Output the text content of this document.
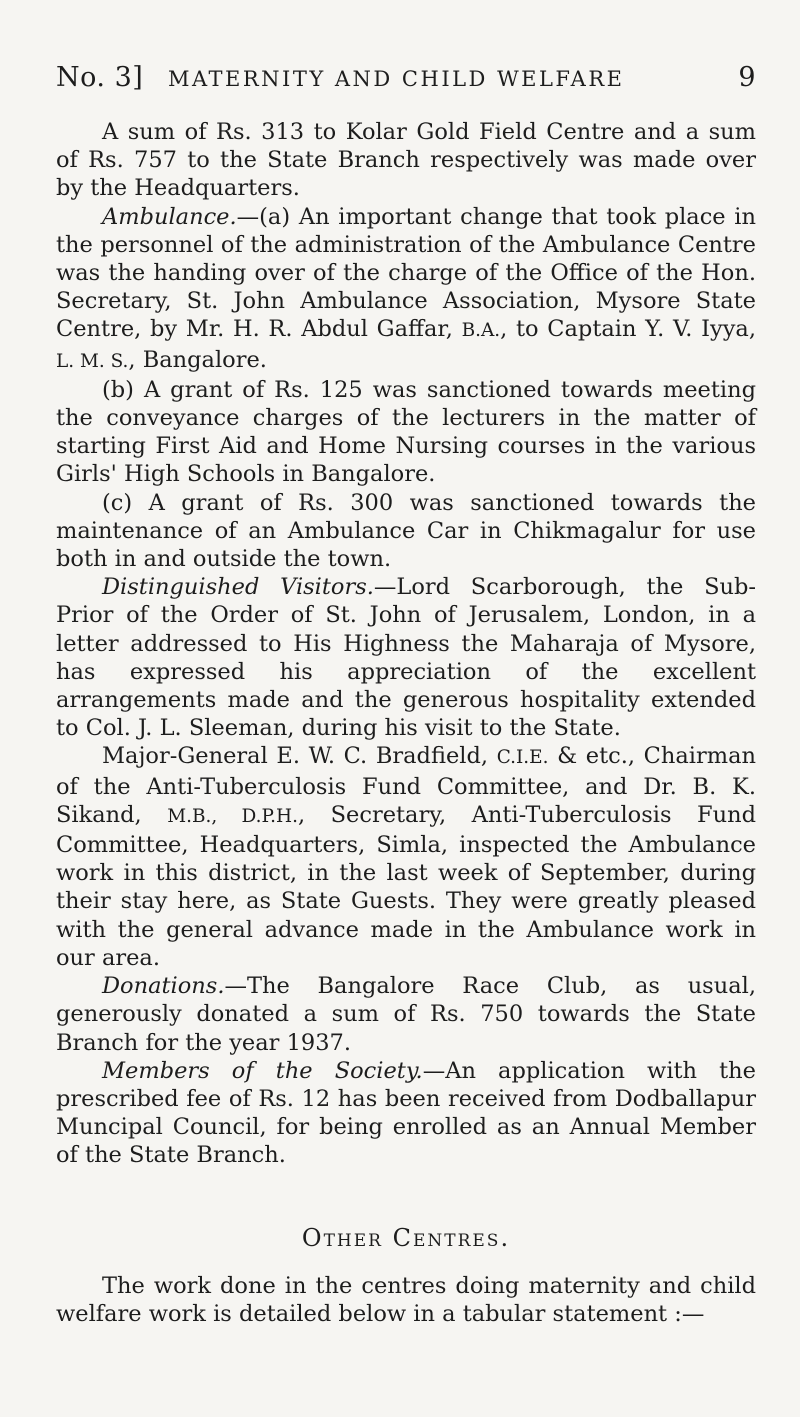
No. 3] MATERNITY AND CHILD WELFARE	9

A sum of Rs. 313 to Kolar Gold Field Centre and a sum of Rs. 757 to the State Branch respectively was made over by the Headquarters.

Ambulance.—(a) An important change that took place in the personnel of the administration of the Ambulance Centre was the handing over of the charge of the Office of the Hon. Secretary, St. John Ambulance Association, Mysore State Centre, by Mr. H. R. Abdul Gaffar, B.A., to Captain Y. V. Iyya, L. M. S., Bangalore.

(b) A grant of Rs. 125 was sanctioned towards meeting the conveyance charges of the lecturers in the matter of starting First Aid and Home Nursing courses in the various Girls' High Schools in Bangalore.

(c) A grant of Rs. 300 was sanctioned towards the maintenance of an Ambulance Car in Chikmagalur for use both in and outside the town.

Distinguished Visitors.—Lord Scarborough, the Sub-Prior of the Order of St. John of Jerusalem, London, in a letter addressed to His Highness the Maharaja of Mysore, has expressed his appreciation of the excellent arrangements made and the generous hospitality extended to Col. J. L. Sleeman, during his visit to the State.

Major-General E. W. C. Bradfield, C.I.E. & etc., Chairman of the Anti-Tuberculosis Fund Committee, and Dr. B. K. Sikand, M.B., D.P.H., Secretary, Anti-Tuberculosis Fund Committee, Headquarters, Simla, inspected the Ambulance work in this district, in the last week of September, during their stay here, as State Guests. They were greatly pleased with the general advance made in the Ambulance work in our area.

Donations.—The Bangalore Race Club, as usual, generously donated a sum of Rs. 750 towards the State Branch for the year 1937.

Members of the Society.—An application with the prescribed fee of Rs. 12 has been received from Dodballapur Muncipal Council, for being enrolled as an Annual Member of the State Branch.

Other Centres.

The work done in the centres doing maternity and child welfare work is detailed below in a tabular statement :—
